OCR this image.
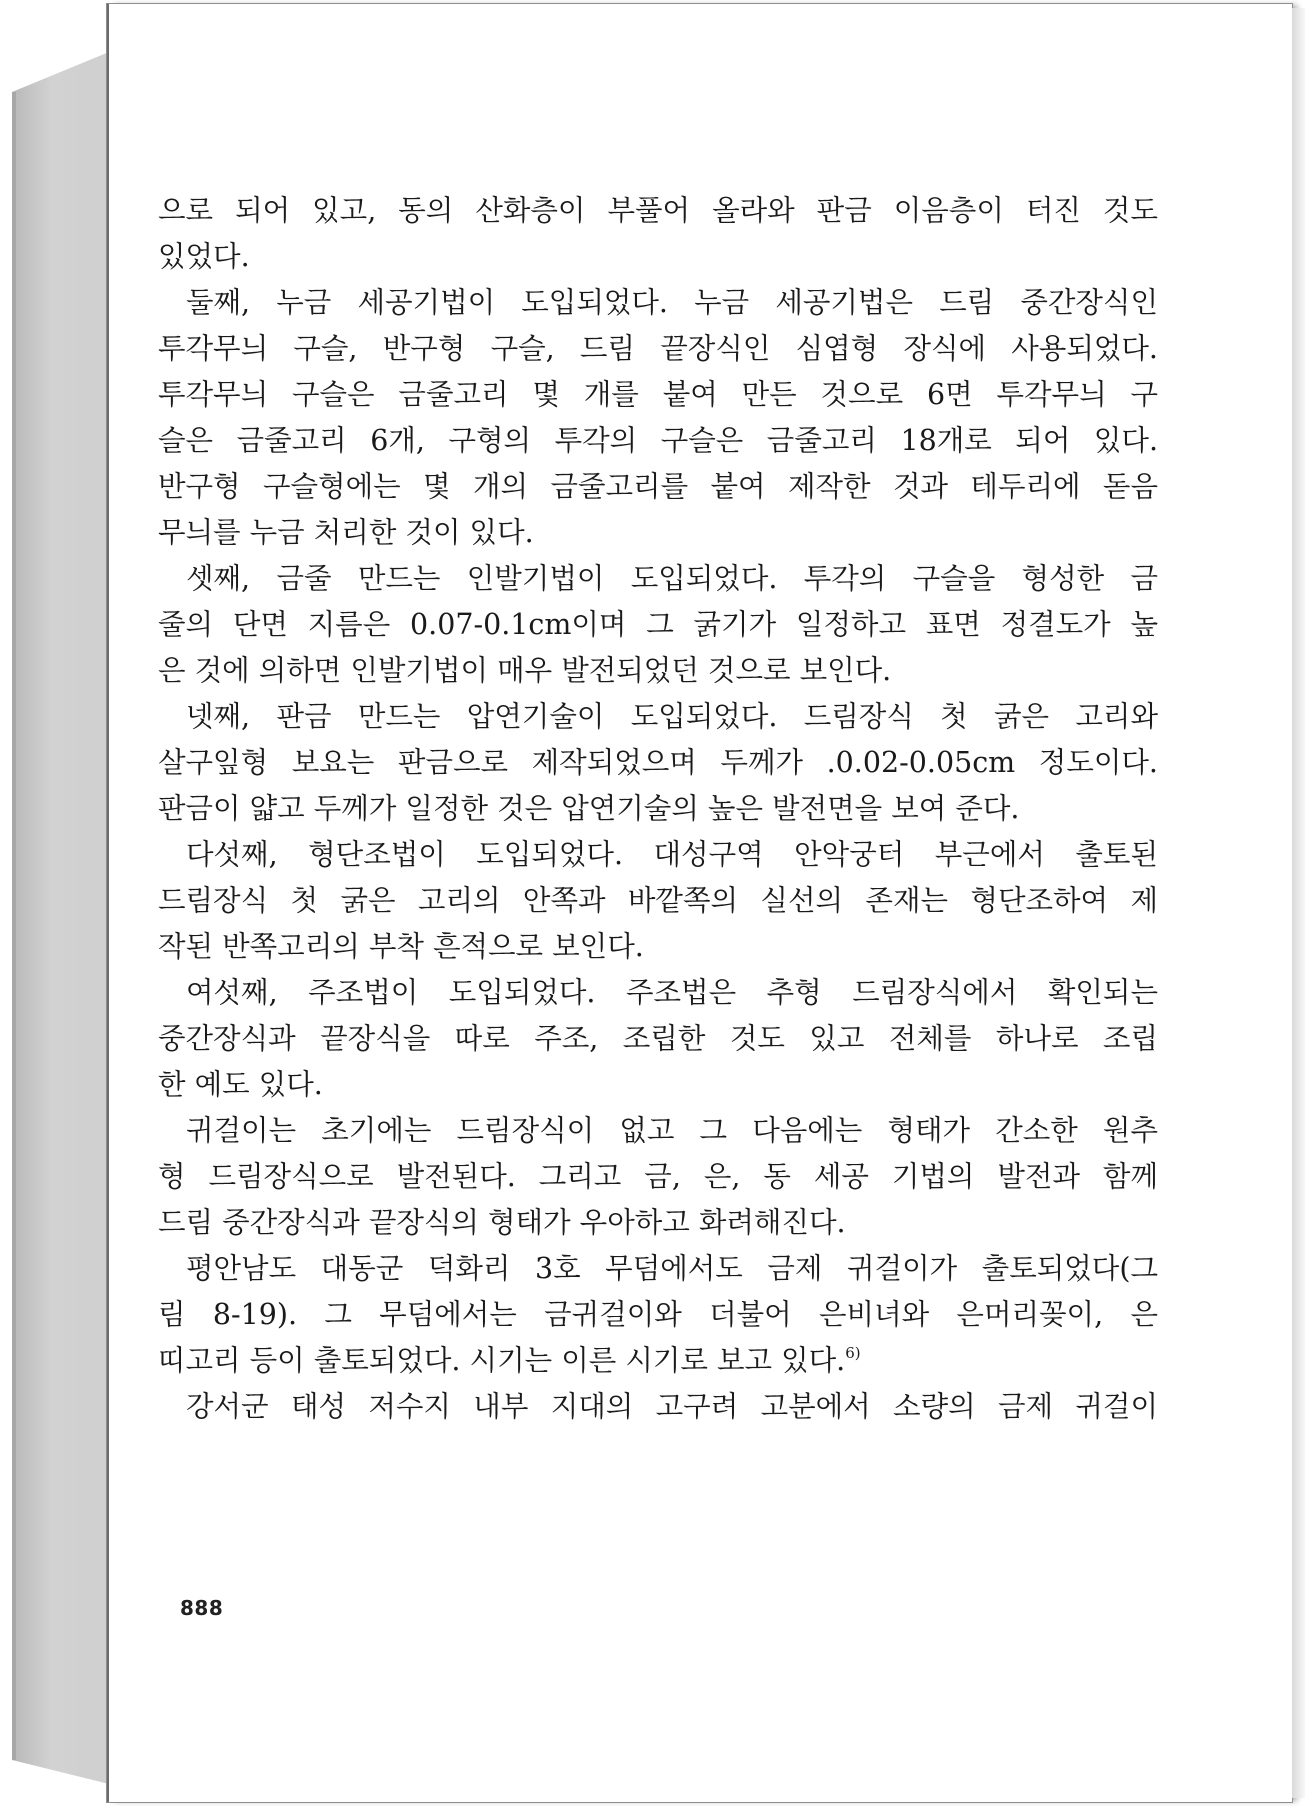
으로 되어 있고, 동의 산화층이 부풀어 올라와 판금 이음층이 터진 것도
있었다.
둘째, 누금 세공기법이 도입되었다. 누금 세공기법은 드림 중간장식인
투각무늬 구슬, 반구형 구슬, 드림 끝장식인 심엽형 장식에 사용되었다.
투각무늬 구슬은 금줄고리 몇 개를 붙여 만든 것으로 6면 투각무늬 구
슬은 금줄고리 6개, 구형의 투각의 구슬은 금줄고리 18개로 되어 있다.
반구형 구슬형에는 몇 개의 금줄고리를 붙여 제작한 것과 테두리에 돋음
무늬를 누금 처리한 것이 있다.
셋째, 금줄 만드는 인발기법이 도입되었다. 투각의 구슬을 형성한 금
줄의 단면 지름은 0.07-0.1cm이며 그 굵기가 일정하고 표면 정결도가 높
은 것에 의하면 인발기법이 매우 발전되었던 것으로 보인다.
넷째, 판금 만드는 압연기술이 도입되었다. 드림장식 첫 굵은 고리와
살구잎형 보요는 판금으로 제작되었으며 두께가 .0.02-0.05cm 정도이다.
판금이 얇고 두께가 일정한 것은 압연기술의 높은 발전면을 보여 준다.
다섯째, 형단조법이 도입되었다. 대성구역 안악궁터 부근에서 출토된
드림장식 첫 굵은 고리의 안쪽과 바깥쪽의 실선의 존재는 형단조하여 제
작된 반쪽고리의 부착 흔적으로 보인다.
여섯째, 주조법이 도입되었다. 주조법은 추형 드림장식에서 확인되는
중간장식과 끝장식을 따로 주조, 조립한 것도 있고 전체를 하나로 조립
한 예도 있다.
귀걸이는 초기에는 드림장식이 없고 그 다음에는 형태가 간소한 원추
형 드림장식으로 발전된다. 그리고 금, 은, 동 세공 기법의 발전과 함께
드림 중간장식과 끝장식의 형태가 우아하고 화려해진다.
평안남도 대동군 덕화리 3호 무덤에서도 금제 귀걸이가 출토되었다(그
림 8-19). 그 무덤에서는 금귀걸이와 더불어 은비녀와 은머리꽂이, 은
띠고리 등이 출토되었다. 시기는 이른 시기로 보고 있다.$^{6)}$
강서군 태성 저수지 내부 지대의 고구려 고분에서 소량의 금제 귀걸이
888
